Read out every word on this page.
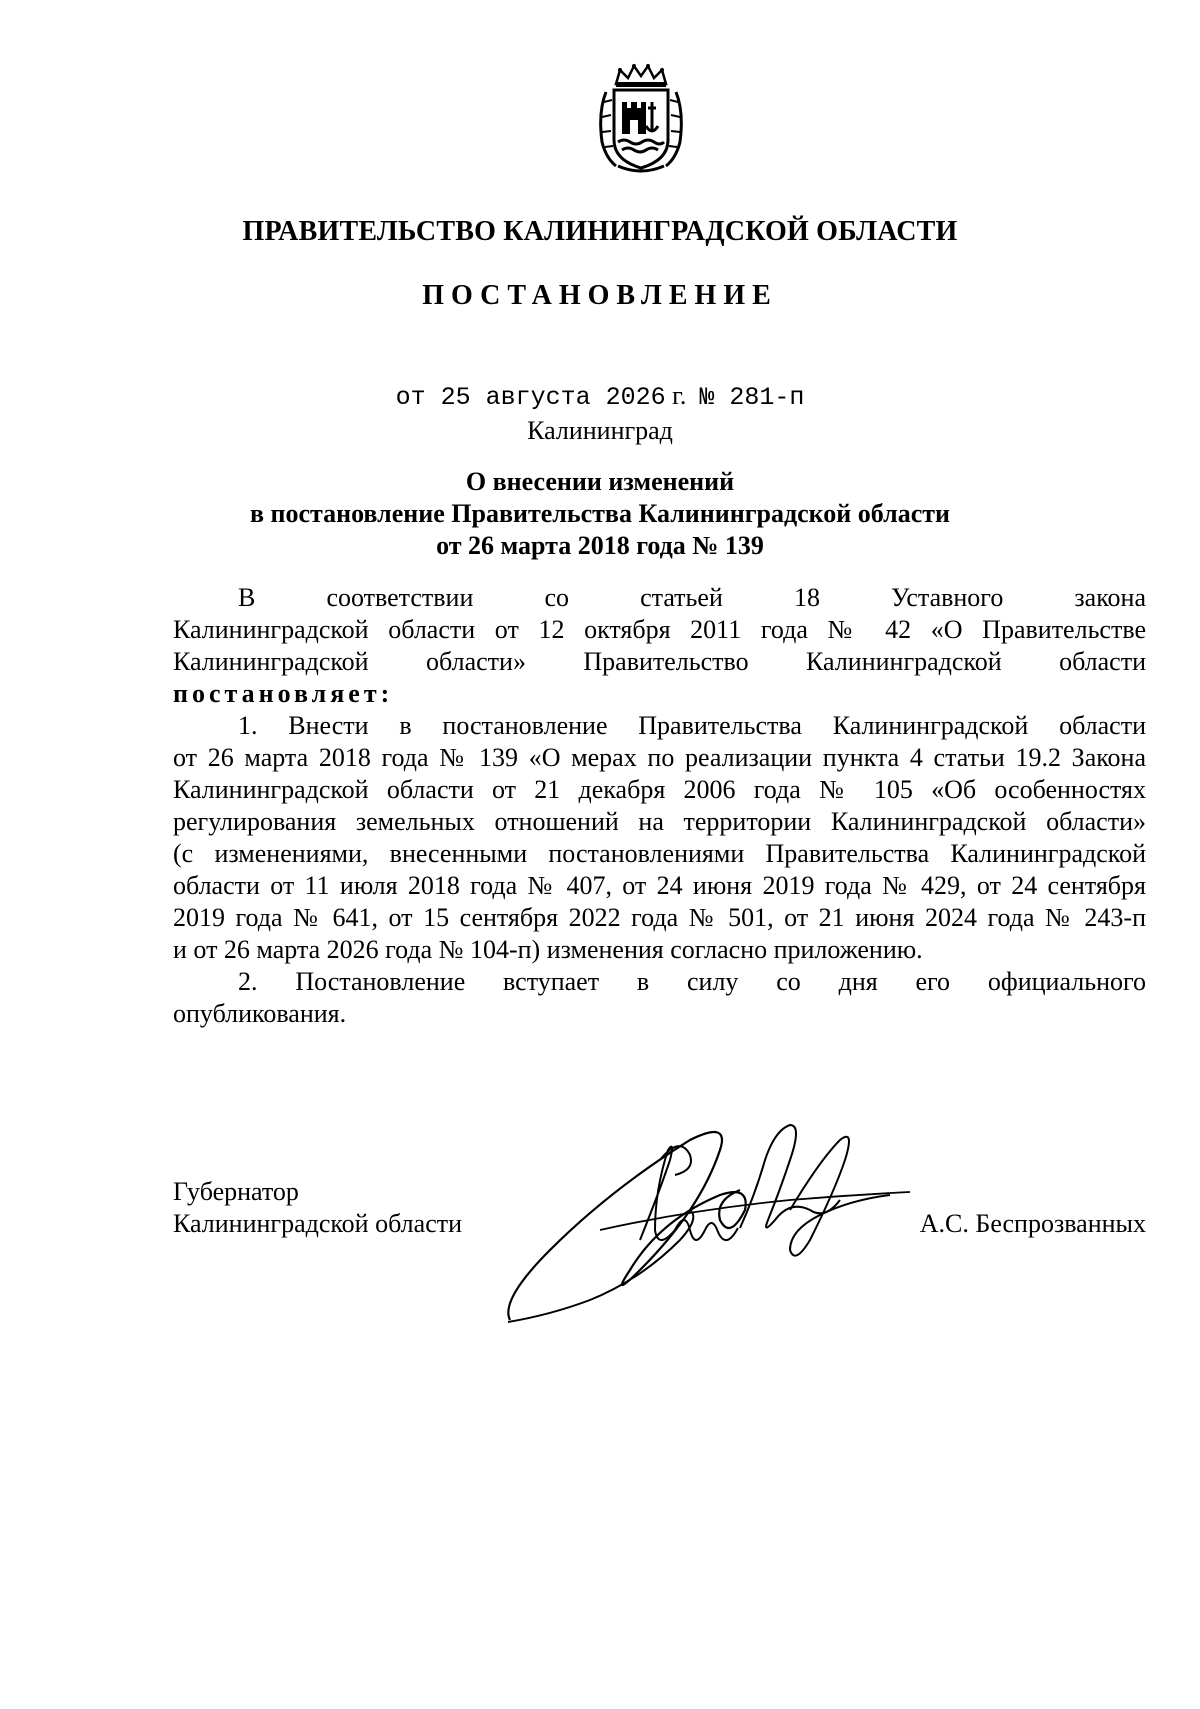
ПРАВИТЕЛЬСТВО КАЛИНИНГРАДСКОЙ ОБЛАСТИ
ПОСТАНОВЛЕНИЕ
от 25 августа 2026 г. № 281-п
Калининград
О внесении изменений
в постановление Правительства Калининградской области
от 26 марта 2018 года № 139
В соответствии со статьей 18 Уставного закона
Калининградской области от 12 октября 2011 года № 42 «О Правительстве
Калининградской области» Правительство Калининградской области
постановляет:
1. Внести в постановление Правительства Калининградской области
от 26 марта 2018 года № 139 «О мерах по реализации пункта 4 статьи 19.2 Закона
Калининградской области от 21 декабря 2006 года № 105 «Об особенностях
регулирования земельных отношений на территории Калининградской области»
(с изменениями, внесенными постановлениями Правительства Калининградской
области от 11 июля 2018 года № 407, от 24 июня 2019 года № 429, от 24 сентября
2019 года № 641, от 15 сентября 2022 года № 501, от 21 июня 2024 года № 243-п
и от 26 марта 2026 года № 104-п) изменения согласно приложению.
2. Постановление вступает в силу со дня его официального
опубликования.
Губернатор
Калининградской области	А.С. Беспрозванных
